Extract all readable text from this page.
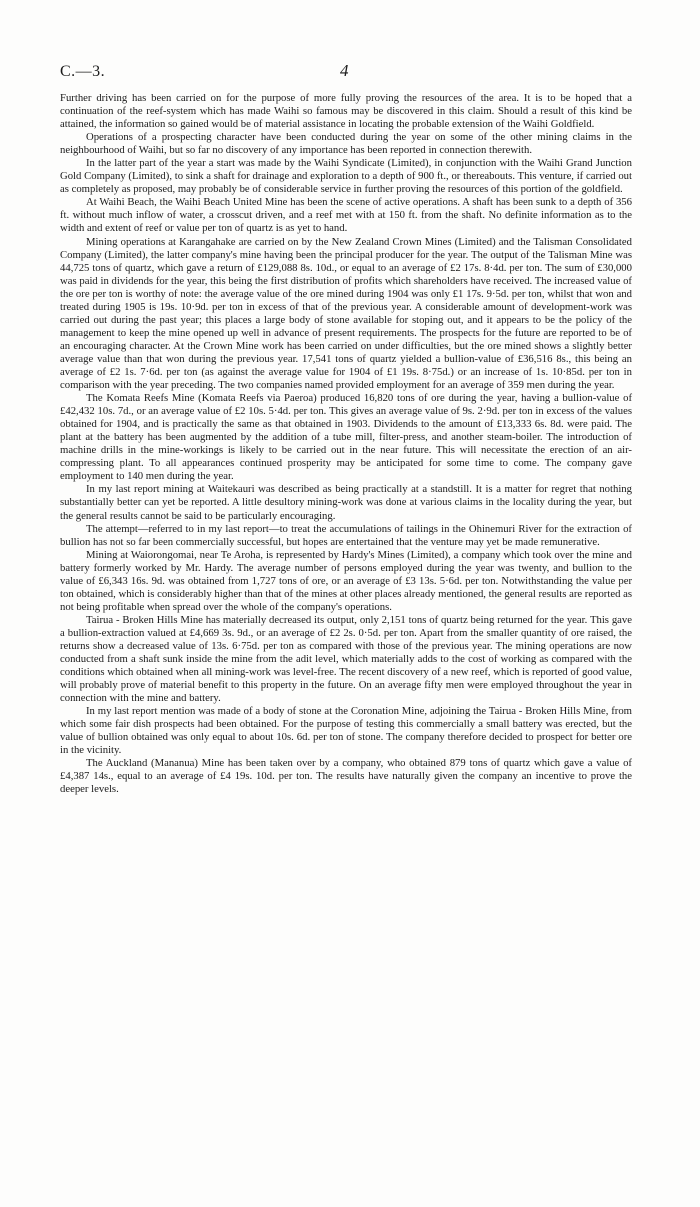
C.—3.	4

Further driving has been carried on for the purpose of more fully proving the resources of the area. It is to be hoped that a continuation of the reef-system which has made Waihi so famous may be discovered in this claim. Should a result of this kind be attained, the information so gained would be of material assistance in locating the probable extension of the Waihi Goldfield.

Operations of a prospecting character have been conducted during the year on some of the other mining claims in the neighbourhood of Waihi, but so far no discovery of any importance has been reported in connection therewith.

In the latter part of the year a start was made by the Waihi Syndicate (Limited), in conjunction with the Waihi Grand Junction Gold Company (Limited), to sink a shaft for drainage and exploration to a depth of 900 ft., or thereabouts. This venture, if carried out as completely as proposed, may probably be of considerable service in further proving the resources of this portion of the goldfield.

At Waihi Beach, the Waihi Beach United Mine has been the scene of active operations. A shaft has been sunk to a depth of 356 ft. without much inflow of water, a crosscut driven, and a reef met with at 150 ft. from the shaft. No definite information as to the width and extent of reef or value per ton of quartz is as yet to hand.

Mining operations at Karangahake are carried on by the New Zealand Crown Mines (Limited) and the Talisman Consolidated Company (Limited), the latter company's mine having been the principal producer for the year. The output of the Talisman Mine was 44,725 tons of quartz, which gave a return of £129,088 8s. 10d., or equal to an average of £2 17s. 8·4d. per ton. The sum of £30,000 was paid in dividends for the year, this being the first distribution of profits which shareholders have received. The increased value of the ore per ton is worthy of note: the average value of the ore mined during 1904 was only £1 17s. 9·5d. per ton, whilst that won and treated during 1905 is 19s. 10·9d. per ton in excess of that of the previous year. A considerable amount of development-work was carried out during the past year; this places a large body of stone available for stoping out, and it appears to be the policy of the management to keep the mine opened up well in advance of present requirements. The prospects for the future are reported to be of an encouraging character. At the Crown Mine work has been carried on under difficulties, but the ore mined shows a slightly better average value than that won during the previous year. 17,541 tons of quartz yielded a bullion-value of £36,516 8s., this being an average of £2 1s. 7·6d. per ton (as against the average value for 1904 of £1 19s. 8·75d.) or an increase of 1s. 10·85d. per ton in comparison with the year preceding. The two companies named provided employment for an average of 359 men during the year.

The Komata Reefs Mine (Komata Reefs via Paeroa) produced 16,820 tons of ore during the year, having a bullion-value of £42,432 10s. 7d., or an average value of £2 10s. 5·4d. per ton. This gives an average value of 9s. 2·9d. per ton in excess of the values obtained for 1904, and is practically the same as that obtained in 1903. Dividends to the amount of £13,333 6s. 8d. were paid. The plant at the battery has been augmented by the addition of a tube mill, filter-press, and another steam-boiler. The introduction of machine drills in the mine-workings is likely to be carried out in the near future. This will necessitate the erection of an air-compressing plant. To all appearances continued prosperity may be anticipated for some time to come. The company gave employment to 140 men during the year.

In my last report mining at Waitekauri was described as being practically at a standstill. It is a matter for regret that nothing substantially better can yet be reported. A little desultory mining-work was done at various claims in the locality during the year, but the general results cannot be said to be particularly encouraging.

The attempt—referred to in my last report—to treat the accumulations of tailings in the Ohinemuri River for the extraction of bullion has not so far been commercially successful, but hopes are entertained that the venture may yet be made remunerative.

Mining at Waiorongomai, near Te Aroha, is represented by Hardy's Mines (Limited), a company which took over the mine and battery formerly worked by Mr. Hardy. The average number of persons employed during the year was twenty, and bullion to the value of £6,343 16s. 9d. was obtained from 1,727 tons of ore, or an average of £3 13s. 5·6d. per ton. Notwithstanding the value per ton obtained, which is considerably higher than that of the mines at other places already mentioned, the general results are reported as not being profitable when spread over the whole of the company's operations.

Tairua - Broken Hills Mine has materially decreased its output, only 2,151 tons of quartz being returned for the year. This gave a bullion-extraction valued at £4,669 3s. 9d., or an average of £2 2s. 0·5d. per ton. Apart from the smaller quantity of ore raised, the returns show a decreased value of 13s. 6·75d. per ton as compared with those of the previous year. The mining operations are now conducted from a shaft sunk inside the mine from the adit level, which materially adds to the cost of working as compared with the conditions which obtained when all mining-work was level-free. The recent discovery of a new reef, which is reported of good value, will probably prove of material benefit to this property in the future. On an average fifty men were employed throughout the year in connection with the mine and battery.

In my last report mention was made of a body of stone at the Coronation Mine, adjoining the Tairua - Broken Hills Mine, from which some fair dish prospects had been obtained. For the purpose of testing this commercially a small battery was erected, but the value of bullion obtained was only equal to about 10s. 6d. per ton of stone. The company therefore decided to prospect for better ore in the vicinity.

The Auckland (Mananua) Mine has been taken over by a company, who obtained 879 tons of quartz which gave a value of £4,387 14s., equal to an average of £4 19s. 10d. per ton. The results have naturally given the company an incentive to prove the deeper levels.
